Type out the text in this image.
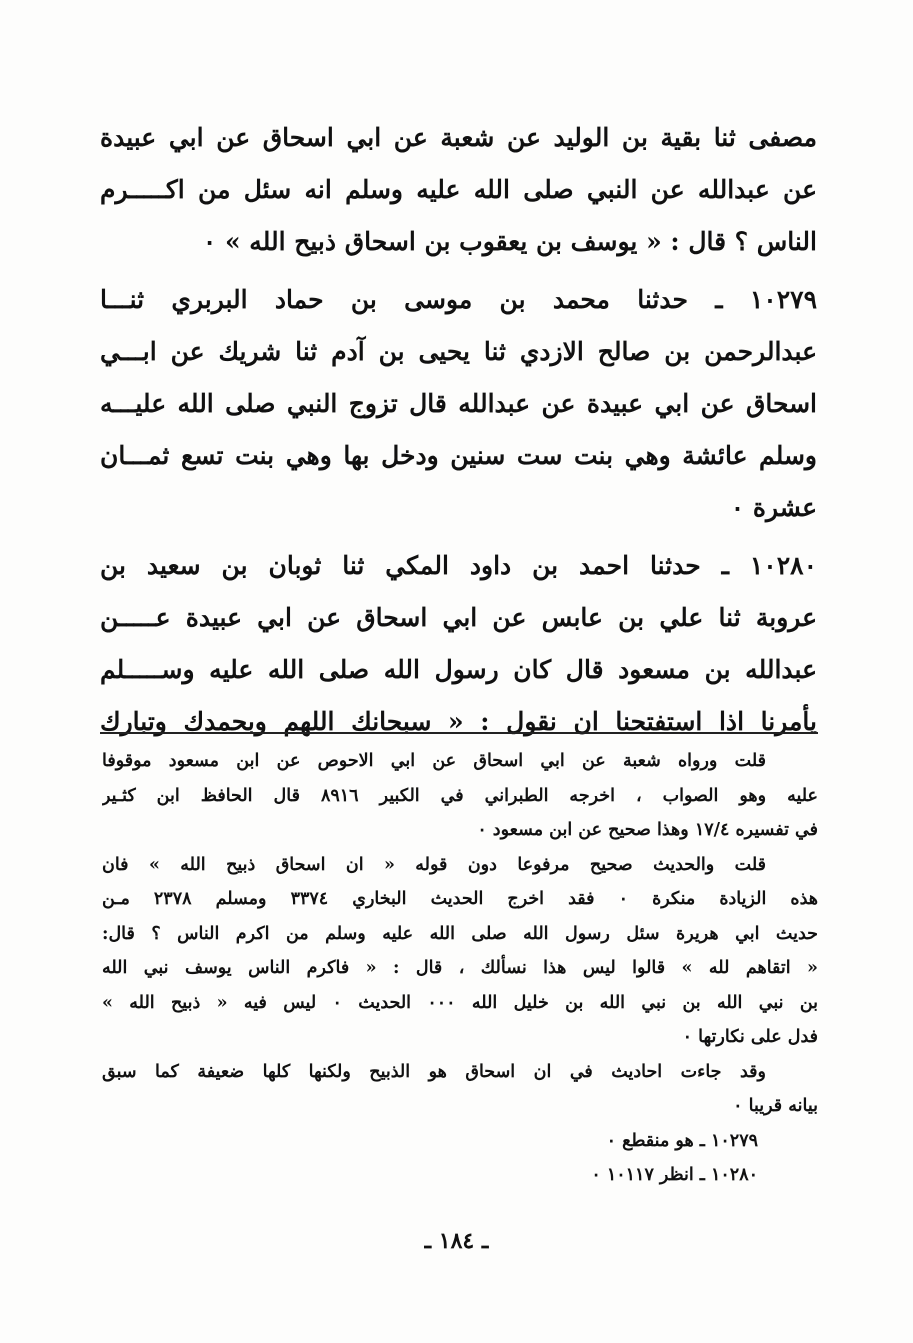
مصفى ثنا بقية بن الوليد عن شعبة عن ابي اسحاق عن ابي عبيدة
عن عبدالله عن النبي صلى الله عليه وسلم انه سئل من اكـــــرم
الناس ؟ قال : « يوسف بن يعقوب بن اسحاق ذبيح الله » ٠
١٠٢٧٩ ـ حدثنا محمد بن موسى بن حماد البربري ثنـــا
عبدالرحمن بن صالح الازدي ثنا يحيى بن آدم ثنا شريك عن ابـــي
اسحاق عن ابي عبيدة عن عبدالله قال تزوج النبي صلى الله عليـــه
وسلم عائشة وهي بنت ست سنين ودخل بها وهي بنت تسع ثمـــان
عشرة ٠
١٠٢٨٠ ـ حدثنا احمد بن داود المكي ثنا ثوبان بن سعيد بن
عروبة ثنا علي بن عابس عن ابي اسحاق عن ابي عبيدة عـــــن
عبدالله بن مسعود قال كان رسول الله صلى الله عليه وســـــلم
يأمرنا اذا استفتحنا ان نقول : « سبحانك اللهم وبحمدك وتبارك
قلت ورواه شعبة عن ابي اسحاق عن ابي الاحوص عن ابن مسعود موقوفا
عليه وهو الصواب ، اخرجه الطبراني في الكبير ٨٩١٦ قال الحافظ ابن كثـير
في تفسيره ١٧/٤ وهذا صحيح عن ابن مسعود ٠
قلت والحديث صحيح مرفوعا دون قوله « ان اسحاق ذبيح الله » فان
هذه الزيادة منكرة ٠ فقد اخرج الحديث البخاري ٣٣٧٤ ومسلم ٢٣٧٨ مـن
حديث ابي هريرة سئل رسول الله صلى الله عليه وسلم من اكرم الناس ؟ قال:
« اتقاهم لله » قالوا ليس هذا نسألك ، قال : « فاكرم الناس يوسف نبي الله
بن نبي الله بن نبي الله بن خليل الله ٠٠٠ الحديث ٠ ليس فيه « ذبيح الله »
فدل على نكارتها ٠
وقد جاءت احاديث في ان اسحاق هو الذبيح ولكنها كلها ضعيفة كما سبق
بيانه قريبا ٠
١٠٢٧٩ ـ هو منقطع ٠
١٠٢٨٠ ـ انظر ١٠١١٧ ٠
ـ ١٨٤ ـ
